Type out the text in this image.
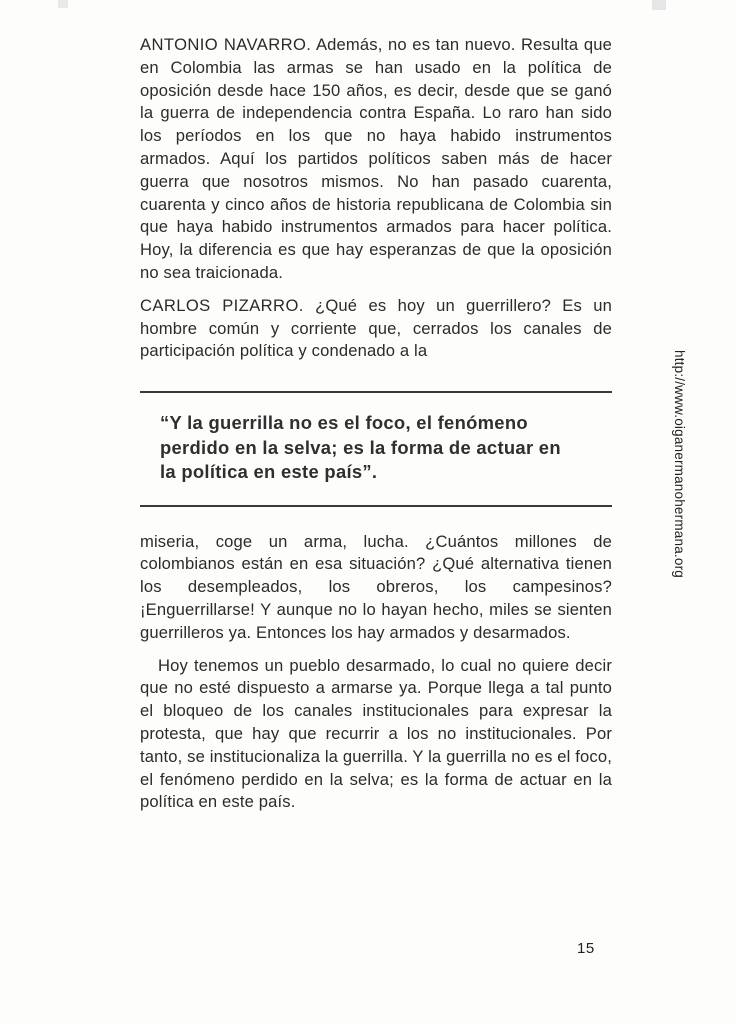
ANTONIO NAVARRO. Además, no es tan nuevo. Resulta que en Colombia las armas se han usado en la política de oposición desde hace 150 años, es decir, desde que se ganó la guerra de independencia contra España. Lo raro han sido los períodos en los que no haya habido instrumentos armados. Aquí los partidos políticos saben más de hacer guerra que nosotros mismos. No han pasado cuarenta, cuarenta y cinco años de historia republicana de Colombia sin que haya habido instrumentos armados para hacer política. Hoy, la diferencia es que hay esperanzas de que la oposición no sea traicionada.

CARLOS PIZARRO. ¿Qué es hoy un guerrillero? Es un hombre común y corriente que, cerrados los canales de participación política y condenado a la

“Y la guerrilla no es el foco, el fenómeno perdido en la selva; es la forma de actuar en la política en este país”.

miseria, coge un arma, lucha. ¿Cuántos millones de colombianos están en esa situación? ¿Qué alternativa tienen los desempleados, los obreros, los campesinos? ¡Enguerrillarse! Y aunque no lo hayan hecho, miles se sienten guerrilleros ya. Entonces los hay armados y desarmados.

Hoy tenemos un pueblo desarmado, lo cual no quiere decir que no esté dispuesto a armarse ya. Porque llega a tal punto el bloqueo de los canales institucionales para expresar la protesta, que hay que recurrir a los no institucionales. Por tanto, se institucionaliza la guerrilla. Y la guerrilla no es el foco, el fenómeno perdido en la selva; es la forma de actuar en la política en este país.

15
http://www.oiganermanohermana.org
